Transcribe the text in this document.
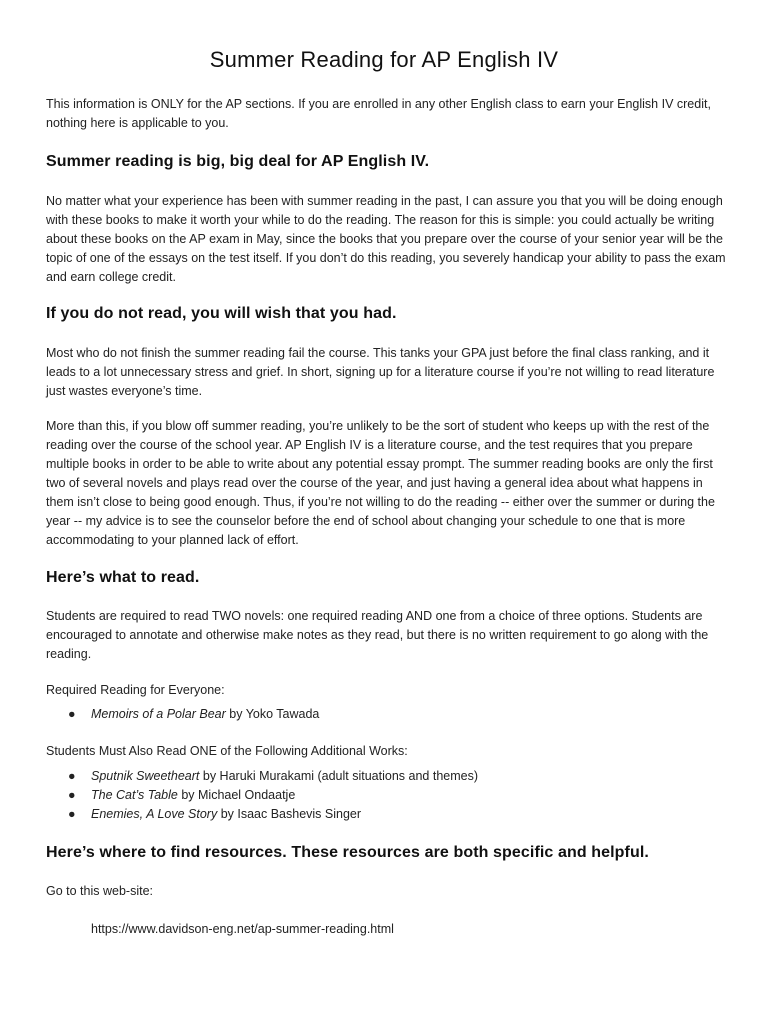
Summer Reading for AP English IV

This information is ONLY for the AP sections. If you are enrolled in any other English class to earn your English IV credit, nothing here is applicable to you.

Summer reading is big, big deal for AP English IV.

No matter what your experience has been with summer reading in the past, I can assure you that you will be doing enough with these books to make it worth your while to do the reading. The reason for this is simple: you could actually be writing about these books on the AP exam in May, since the books that you prepare over the course of your senior year will be the topic of one of the essays on the test itself. If you don’t do this reading, you severely handicap your ability to pass the exam and earn college credit.

If you do not read, you will wish that you had.

Most who do not finish the summer reading fail the course. This tanks your GPA just before the final class ranking, and it leads to a lot unnecessary stress and grief. In short, signing up for a literature course if you’re not willing to read literature just wastes everyone’s time.

More than this, if you blow off summer reading, you’re unlikely to be the sort of student who keeps up with the rest of the reading over the course of the school year. AP English IV is a literature course, and the test requires that you prepare multiple books in order to be able to write about any potential essay prompt. The summer reading books are only the first two of several novels and plays read over the course of the year, and just having a general idea about what happens in them isn’t close to being good enough. Thus, if you’re not willing to do the reading -- either over the summer or during the year -- my advice is to see the counselor before the end of school about changing your schedule to one that is more accommodating to your planned lack of effort.

Here’s what to read.

Students are required to read TWO novels: one required reading AND one from a choice of three options. Students are encouraged to annotate and otherwise make notes as they read, but there is no written requirement to go along with the reading.

Required Reading for Everyone:

● Memoirs of a Polar Bear by Yoko Tawada

Students Must Also Read ONE of the Following Additional Works:

● Sputnik Sweetheart by Haruki Murakami (adult situations and themes)
● The Cat’s Table by Michael Ondaatje
● Enemies, A Love Story by Isaac Bashevis Singer
Here’s where to find resources. These resources are both specific and helpful.

Go to this web-site:

https://www.davidson-eng.net/ap-summer-reading.html
